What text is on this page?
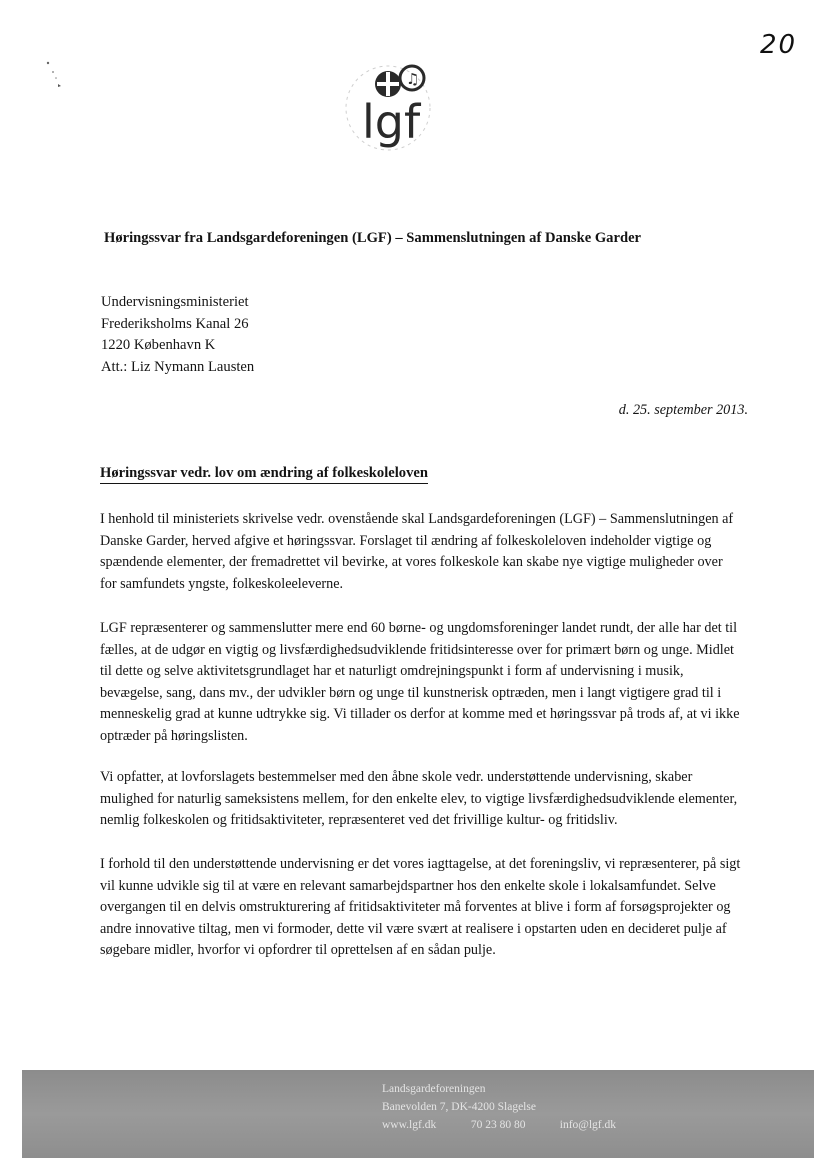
20
♫
lgf
Høringssvar fra Landsgardeforeningen (LGF) – Sammenslutningen af Danske Garder
Undervisningsministeriet
Frederiksholms Kanal 26
1220 København K
Att.: Liz Nymann Lausten
d. 25. september 2013.
Høringssvar vedr. lov om ændring af folkeskoleloven

I henhold til ministeriets skrivelse vedr. ovenstående skal Landsgardeforeningen (LGF) – Sammenslutningen af Danske Garder, herved afgive et høringssvar. Forslaget til ændring af folkeskoleloven indeholder vigtige og spændende elementer, der fremadrettet vil bevirke, at vores folkeskole kan skabe nye vigtige muligheder over for samfundets yngste, folkeskoleeleverne.

LGF repræsenterer og sammenslutter mere end 60 børne- og ungdomsforeninger landet rundt, der alle har det til fælles, at de udgør en vigtig og livsfærdighedsudviklende fritidsinteresse over for primært børn og unge. Midlet til dette og selve aktivitetsgrundlaget har et naturligt omdrejningspunkt i form af undervisning i musik, bevægelse, sang, dans mv., der udvikler børn og unge til kunstnerisk optræden, men i langt vigtigere grad til i menneskelig grad at kunne udtrykke sig. Vi tillader os derfor at komme med et høringssvar på trods af, at vi ikke optræder på høringslisten.

Vi opfatter, at lovforslagets bestemmelser med den åbne skole vedr. understøttende undervisning, skaber mulighed for naturlig sameksistens mellem, for den enkelte elev, to vigtige livsfærdighedsudviklende elementer, nemlig folkeskolen og fritidsaktiviteter, repræsenteret ved det frivillige kultur- og fritidsliv.

I forhold til den understøttende undervisning er det vores iagttagelse, at det foreningsliv, vi repræsenterer, på sigt vil kunne udvikle sig til at være en relevant samarbejdspartner hos den enkelte skole i lokalsamfundet. Selve overgangen til en delvis omstrukturering af fritidsaktiviteter må forventes at blive i form af forsøgsprojekter og andre innovative tiltag, men vi formoder, dette vil være svært at realisere i opstarten uden en decideret pulje af søgebare midler, hvorfor vi opfordrer til oprettelsen af en sådan pulje.

Landsgardeforeningen
Banevolden 7, DK-4200 Slagelse
www.lgf.dk	70 23 80 80	info@lgf.dk
